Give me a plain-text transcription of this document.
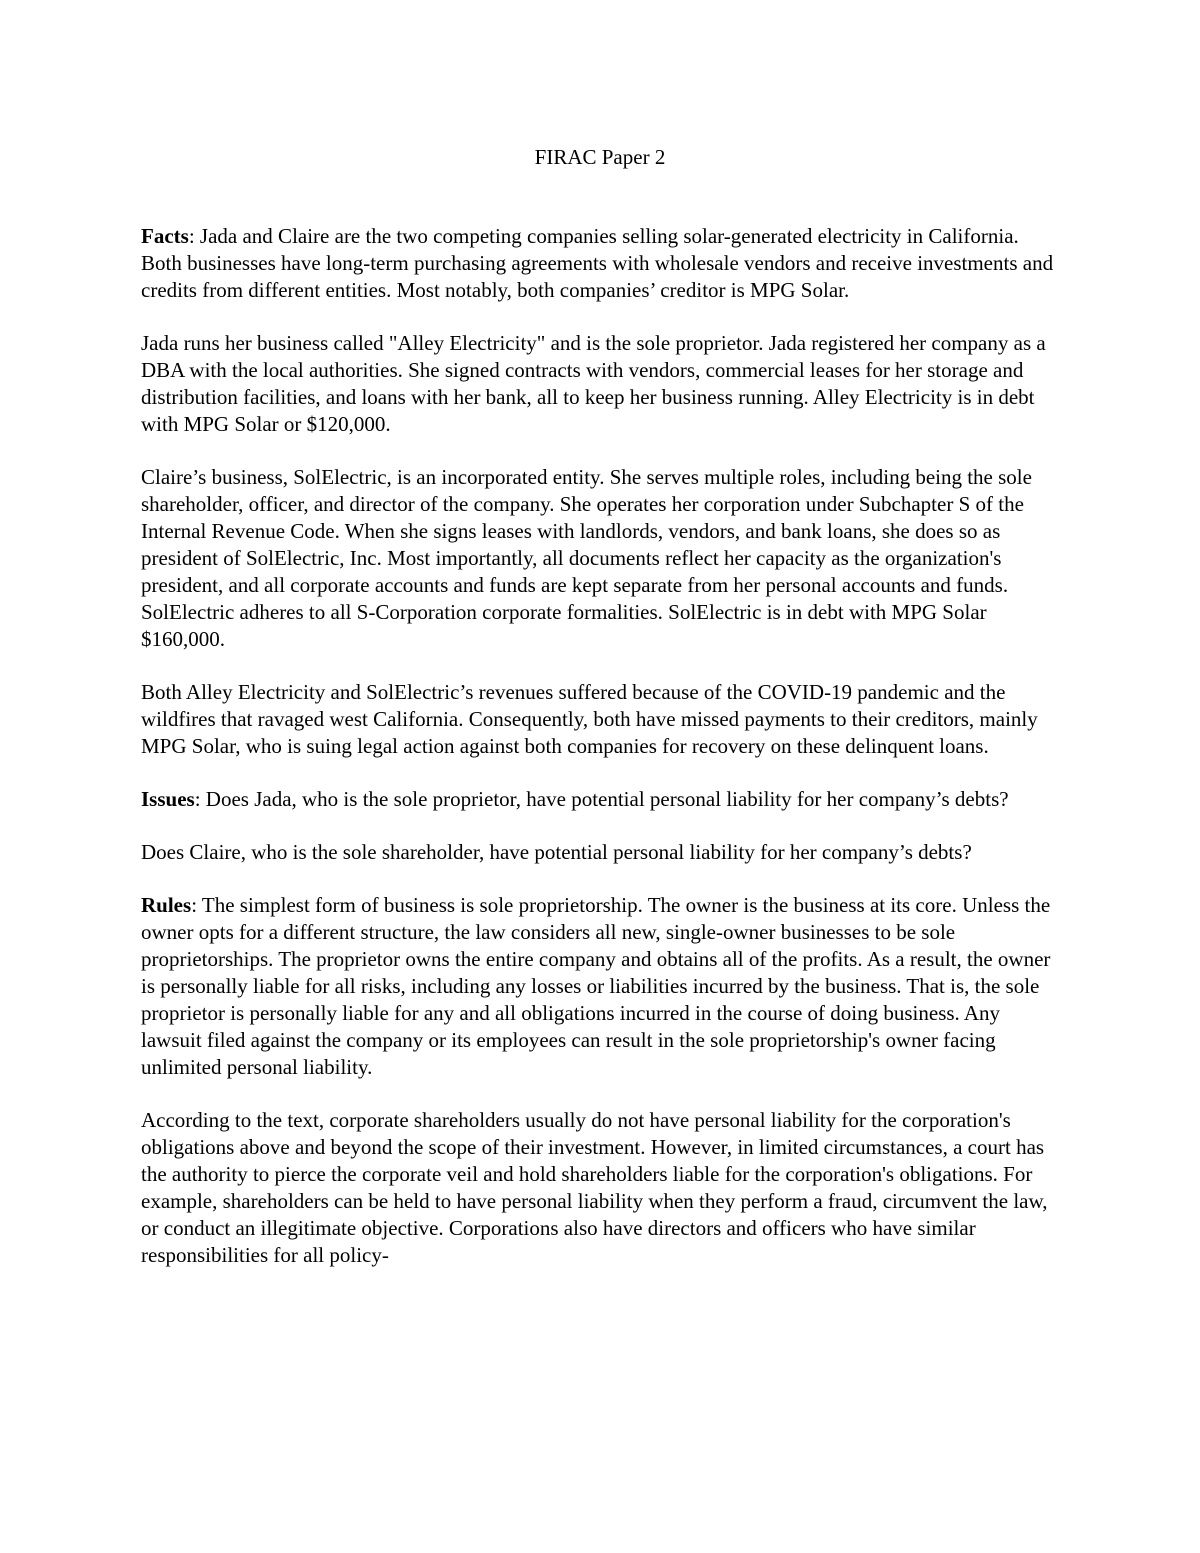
FIRAC Paper 2

Facts: Jada and Claire are the two competing companies selling solar-generated electricity in California. Both businesses have long-term purchasing agreements with wholesale vendors and receive investments and credits from different entities. Most notably, both companies’ creditor is MPG Solar.

Jada runs her business called "Alley Electricity" and is the sole proprietor. Jada registered her company as a DBA with the local authorities. She signed contracts with vendors, commercial leases for her storage and distribution facilities, and loans with her bank, all to keep her business running. Alley Electricity is in debt with MPG Solar or $120,000.

Claire’s business, SolElectric, is an incorporated entity. She serves multiple roles, including being the sole shareholder, officer, and director of the company. She operates her corporation under Subchapter S of the Internal Revenue Code. When she signs leases with landlords, vendors, and bank loans, she does so as president of SolElectric, Inc. Most importantly, all documents reflect her capacity as the organization's president, and all corporate accounts and funds are kept separate from her personal accounts and funds. SolElectric adheres to all S-Corporation corporate formalities. SolElectric is in debt with MPG Solar $160,000.

Both Alley Electricity and SolElectric’s revenues suffered because of the COVID-19 pandemic and the wildfires that ravaged west California. Consequently, both have missed payments to their creditors, mainly MPG Solar, who is suing legal action against both companies for recovery on these delinquent loans.

Issues: Does Jada, who is the sole proprietor, have potential personal liability for her company’s debts?

Does Claire, who is the sole shareholder, have potential personal liability for her company’s debts?

Rules: The simplest form of business is sole proprietorship. The owner is the business at its core. Unless the owner opts for a different structure, the law considers all new, single-owner businesses to be sole proprietorships. The proprietor owns the entire company and obtains all of the profits. As a result, the owner is personally liable for all risks, including any losses or liabilities incurred by the business. That is, the sole proprietor is personally liable for any and all obligations incurred in the course of doing business. Any lawsuit filed against the company or its employees can result in the sole proprietorship's owner facing unlimited personal liability.

According to the text, corporate shareholders usually do not have personal liability for the corporation's obligations above and beyond the scope of their investment. However, in limited circumstances, a court has the authority to pierce the corporate veil and hold shareholders liable for the corporation's obligations. For example, shareholders can be held to have personal liability when they perform a fraud, circumvent the law, or conduct an illegitimate objective. Corporations also have directors and officers who have similar responsibilities for all policy-
